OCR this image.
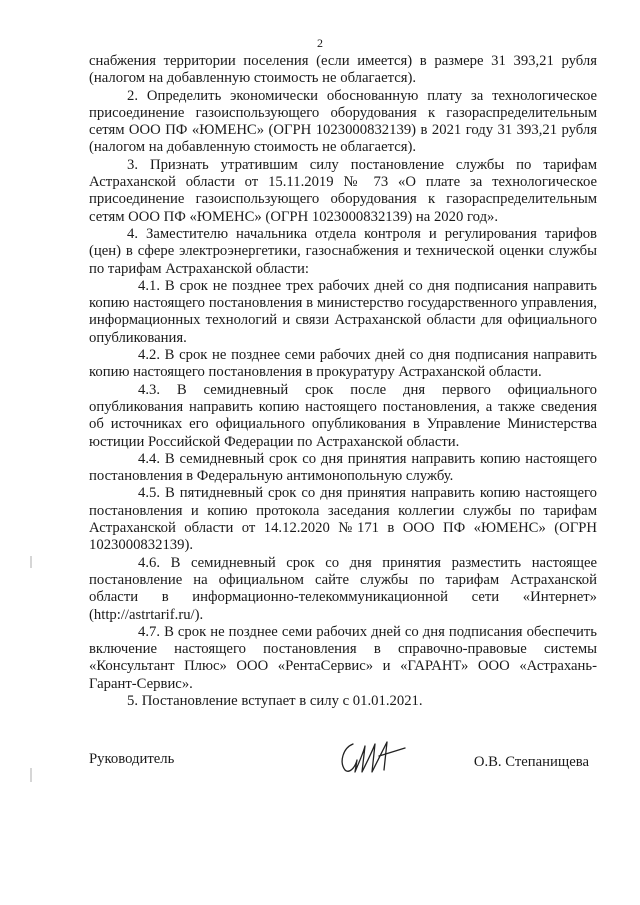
2

снабжения территории поселения (если имеется) в размере 31 393,21 рубля (налогом на добавленную стоимость не облагается).

2. Определить экономически обоснованную плату за технологическое присоединение газоиспользующего оборудования к газораспределительным сетям ООО ПФ «ЮМЕНС» (ОГРН 1023000832139) в 2021 году 31 393,21 рубля (налогом на добавленную стоимость не облагается).

3. Признать утратившим силу постановление службы по тарифам Астраханской области от 15.11.2019 № 73 «О плате за технологическое присоединение газоиспользующего оборудования к газораспределительным сетям ООО ПФ «ЮМЕНС» (ОГРН 1023000832139) на 2020 год».

4. Заместителю начальника отдела контроля и регулирования тарифов (цен) в сфере электроэнергетики, газоснабжения и технической оценки службы по тарифам Астраханской области:

4.1. В срок не позднее трех рабочих дней со дня подписания направить копию настоящего постановления в министерство государственного управления, информационных технологий и связи Астраханской области для официального опубликования.

4.2. В срок не позднее семи рабочих дней со дня подписания направить копию настоящего постановления в прокуратуру Астраханской области.

4.3. В семидневный срок после дня первого официального опубликования направить копию настоящего постановления, а также сведения об источниках его официального опубликования в Управление Министерства юстиции Российской Федерации по Астраханской области.

4.4. В семидневный срок со дня принятия направить копию настоящего постановления в Федеральную антимонопольную службу.

4.5. В пятидневный срок со дня принятия направить копию настоящего постановления и копию протокола заседания коллегии службы по тарифам Астраханской области от 14.12.2020 №171 в ООО ПФ «ЮМЕНС» (ОГРН 1023000832139).

4.6. В семидневный срок со дня принятия разместить настоящее постановление на официальном сайте службы по тарифам Астраханской области в информационно-телекоммуникационной сети «Интернет» (http://astrtarif.ru/).

4.7. В срок не позднее семи рабочих дней со дня подписания обеспечить включение настоящего постановления в справочно-правовые системы «Консультант Плюс» ООО «РентаСервис» и «ГАРАНТ» ООО «Астрахань-Гарант-Сервис».

5. Постановление вступает в силу с 01.01.2021.

Руководитель	О.В. Степанищева
